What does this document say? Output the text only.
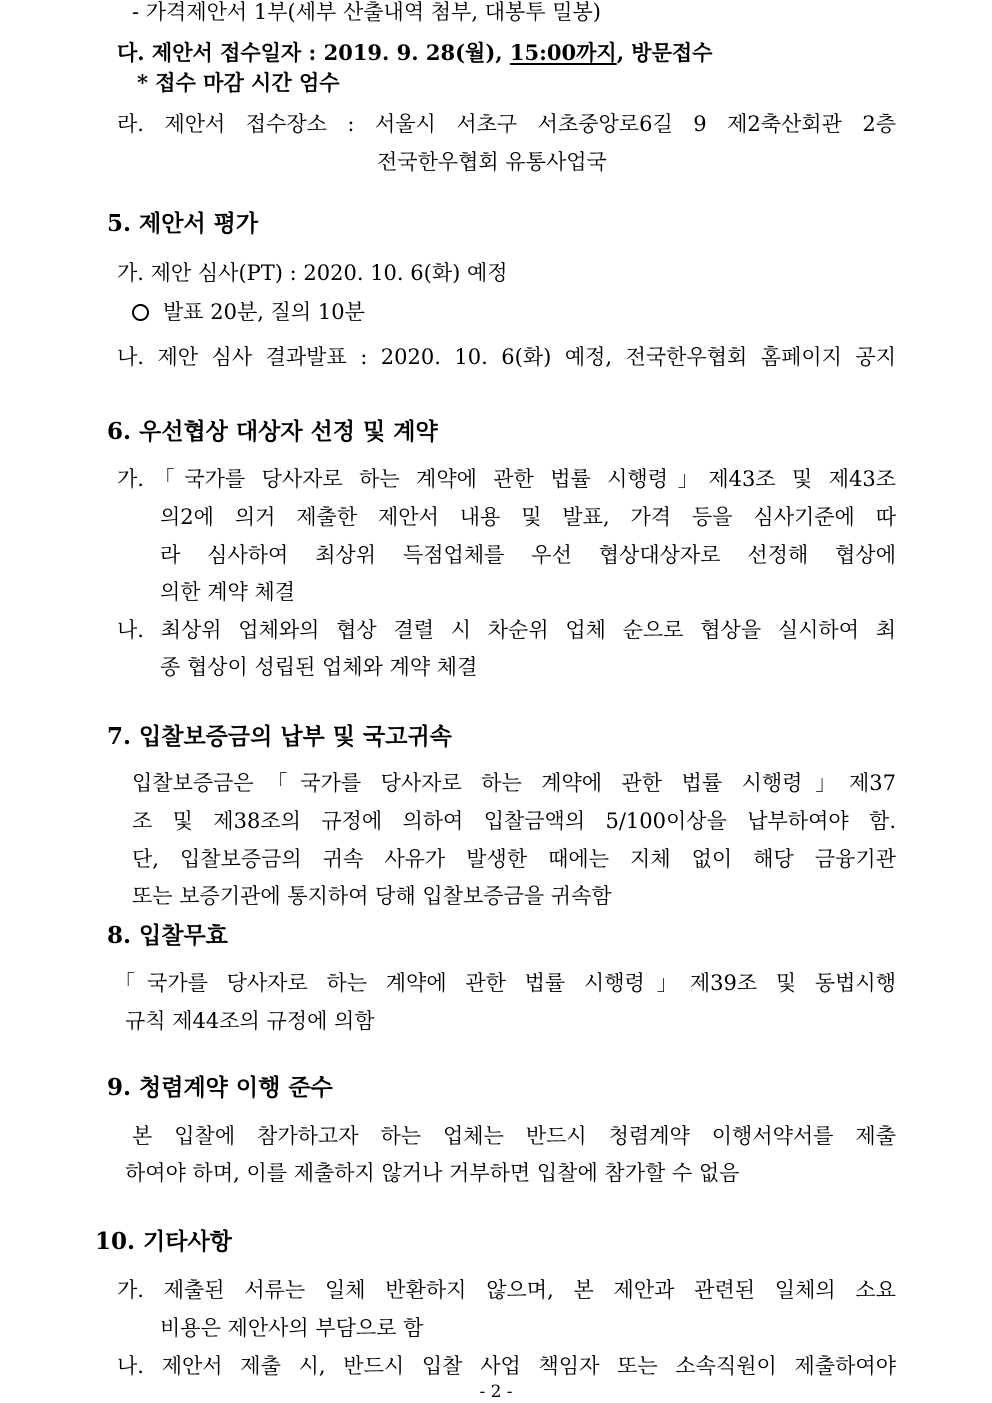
- 가격제안서 1부(세부 산출내역 첨부, 대봉투 밀봉)
다. 제안서 접수일자 : 2019. 9. 28(월), 15:00까지, 방문접수
* 접수 마감 시간 엄수
라. 제안서 접수장소 : 서울시 서초구 서초중앙로6길 9 제2축산회관 2층
전국한우협회 유통사업국
5. 제안서 평가
가. 제안 심사(PT) : 2020. 10. 6(화) 예정
발표 20분, 질의 10분
나. 제안 심사 결과발표 : 2020. 10. 6(화) 예정, 전국한우협회 홈페이지 공지
6. 우선협상 대상자 선정 및 계약
가.「국가를 당사자로 하는 계약에 관한 법률 시행령」제43조 및 제43조
의2에 의거 제출한 제안서 내용 및 발표, 가격 등을 심사기준에 따
라 심사하여 최상위 득점업체를 우선 협상대상자로 선정해 협상에
의한 계약 체결
나. 최상위 업체와의 협상 결렬 시 차순위 업체 순으로 협상을 실시하여 최
종 협상이 성립된 업체와 계약 체결
7. 입찰보증금의 납부 및 국고귀속
입찰보증금은「국가를 당사자로 하는 계약에 관한 법률 시행령」제37
조 및 제38조의 규정에 의하여 입찰금액의 5/100이상을 납부하여야 함.
단, 입찰보증금의 귀속 사유가 발생한 때에는 지체 없이 해당 금융기관
또는 보증기관에 통지하여 당해 입찰보증금을 귀속함
8. 입찰무효
「국가를 당사자로 하는 계약에 관한 법률 시행령」제39조 및 동법시행
규칙 제44조의 규정에 의함
9. 청렴계약 이행 준수
본 입찰에 참가하고자 하는 업체는 반드시 청렴계약 이행서약서를 제출
하여야 하며, 이를 제출하지 않거나 거부하면 입찰에 참가할 수 없음
10. 기타사항
가. 제출된 서류는 일체 반환하지 않으며, 본 제안과 관련된 일체의 소요
비용은 제안사의 부담으로 함
나. 제안서 제출 시, 반드시 입찰 사업 책임자 또는 소속직원이 제출하여야
- 2 -
